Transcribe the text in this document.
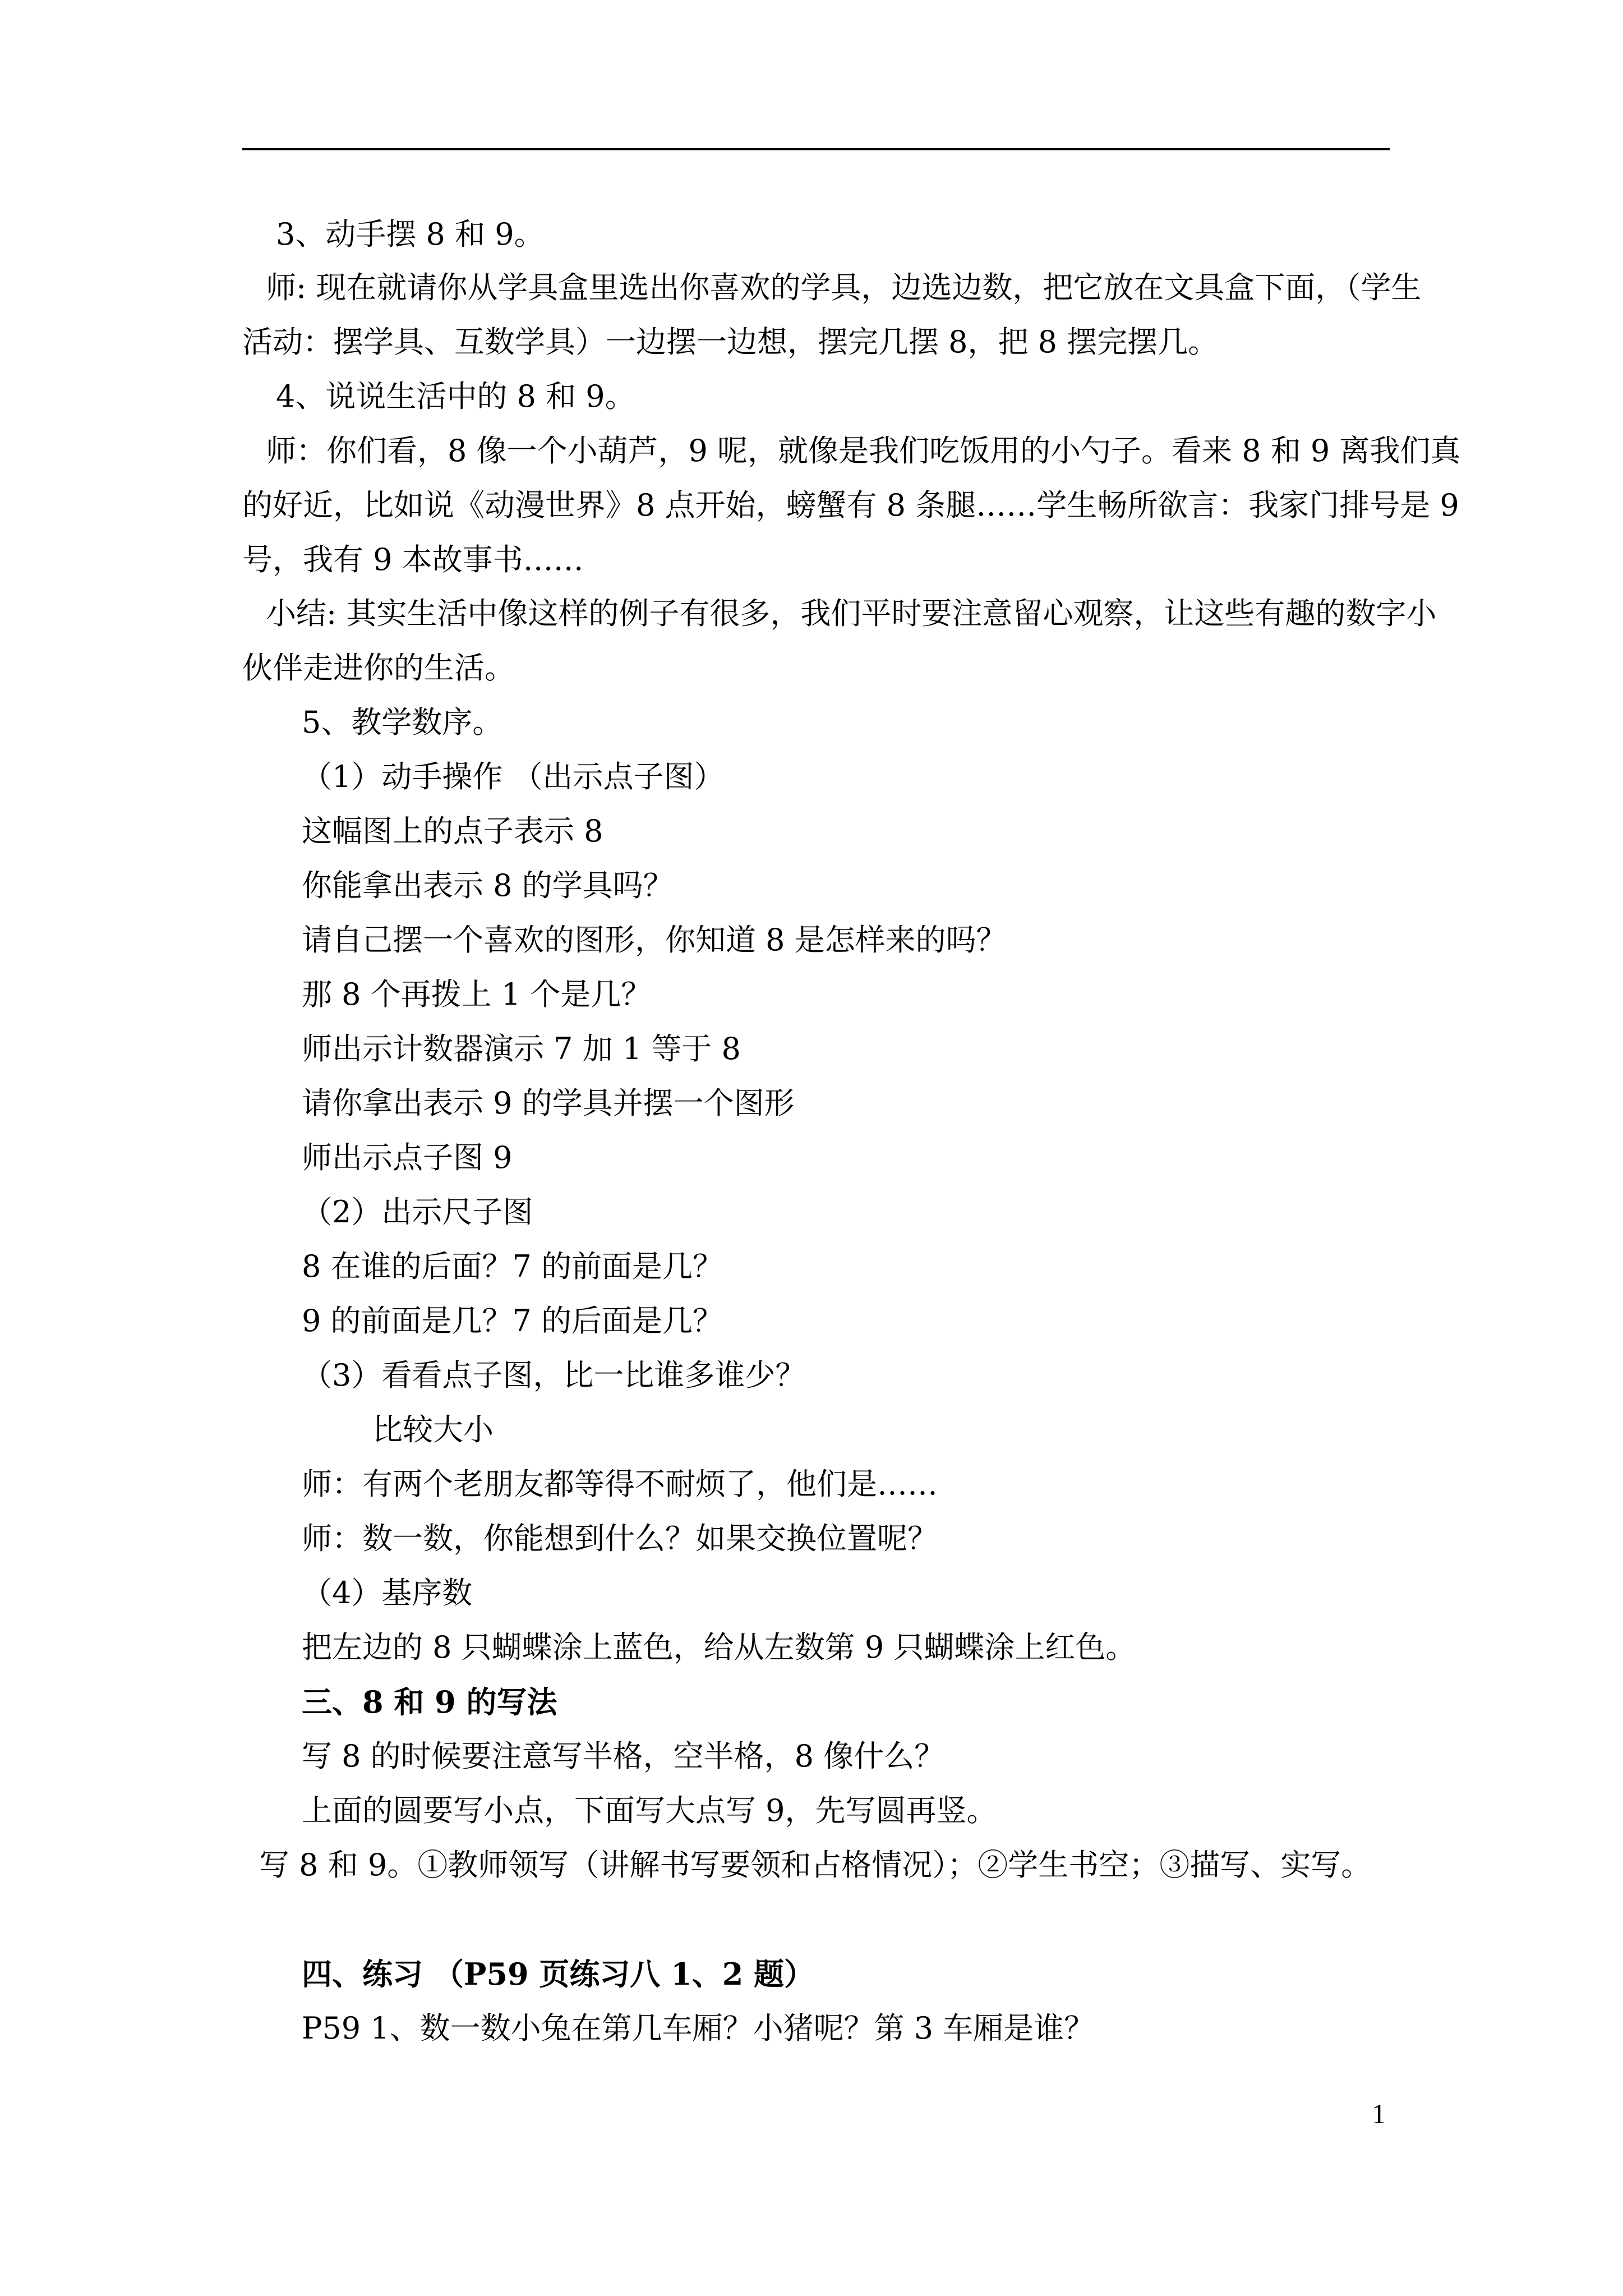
3、动手摆 8 和 9。
师: 现在就请你从学具盒里选出你喜欢的学具，边选边数，把它放在文具盒下面，（学生
活动：摆学具、互数学具）一边摆一边想，摆完几摆 8，把 8 摆完摆几。
4、说说生活中的 8 和 9。
师：你们看，8 像一个小葫芦，9 呢，就像是我们吃饭用的小勺子。看来 8 和 9 离我们真
的好近，比如说《动漫世界》8 点开始，螃蟹有 8 条腿……学生畅所欲言：我家门排号是 9
号，我有 9 本故事书……
小结: 其实生活中像这样的例子有很多，我们平时要注意留心观察，让这些有趣的数字小
伙伴走进你的生活。
5、教学数序。
（1）动手操作 （出示点子图）
这幅图上的点子表示 8
你能拿出表示 8 的学具吗？
请自己摆一个喜欢的图形，你知道 8 是怎样来的吗？
那 8 个再拨上 1 个是几？
师出示计数器演示 7 加 1 等于 8
请你拿出表示 9 的学具并摆一个图形
师出示点子图 9
（2）出示尺子图
8 在谁的后面？7 的前面是几？
9 的前面是几？7 的后面是几？
（3）看看点子图，比一比谁多谁少？
比较大小
师：有两个老朋友都等得不耐烦了，他们是……
师：数一数，你能想到什么？如果交换位置呢？
（4）基序数
把左边的 8 只蝴蝶涂上蓝色，给从左数第 9 只蝴蝶涂上红色。
三、8 和 9 的写法
写 8 的时候要注意写半格，空半格，8 像什么？
上面的圆要写小点，下面写大点写 9，先写圆再竖。
写 8 和 9。①教师领写（讲解书写要领和占格情况）；②学生书空；③描写、实写。
四、练习 （P59 页练习八 1、2 题）
P59 1、数一数小兔在第几车厢？小猪呢？第 3 车厢是谁？
1
